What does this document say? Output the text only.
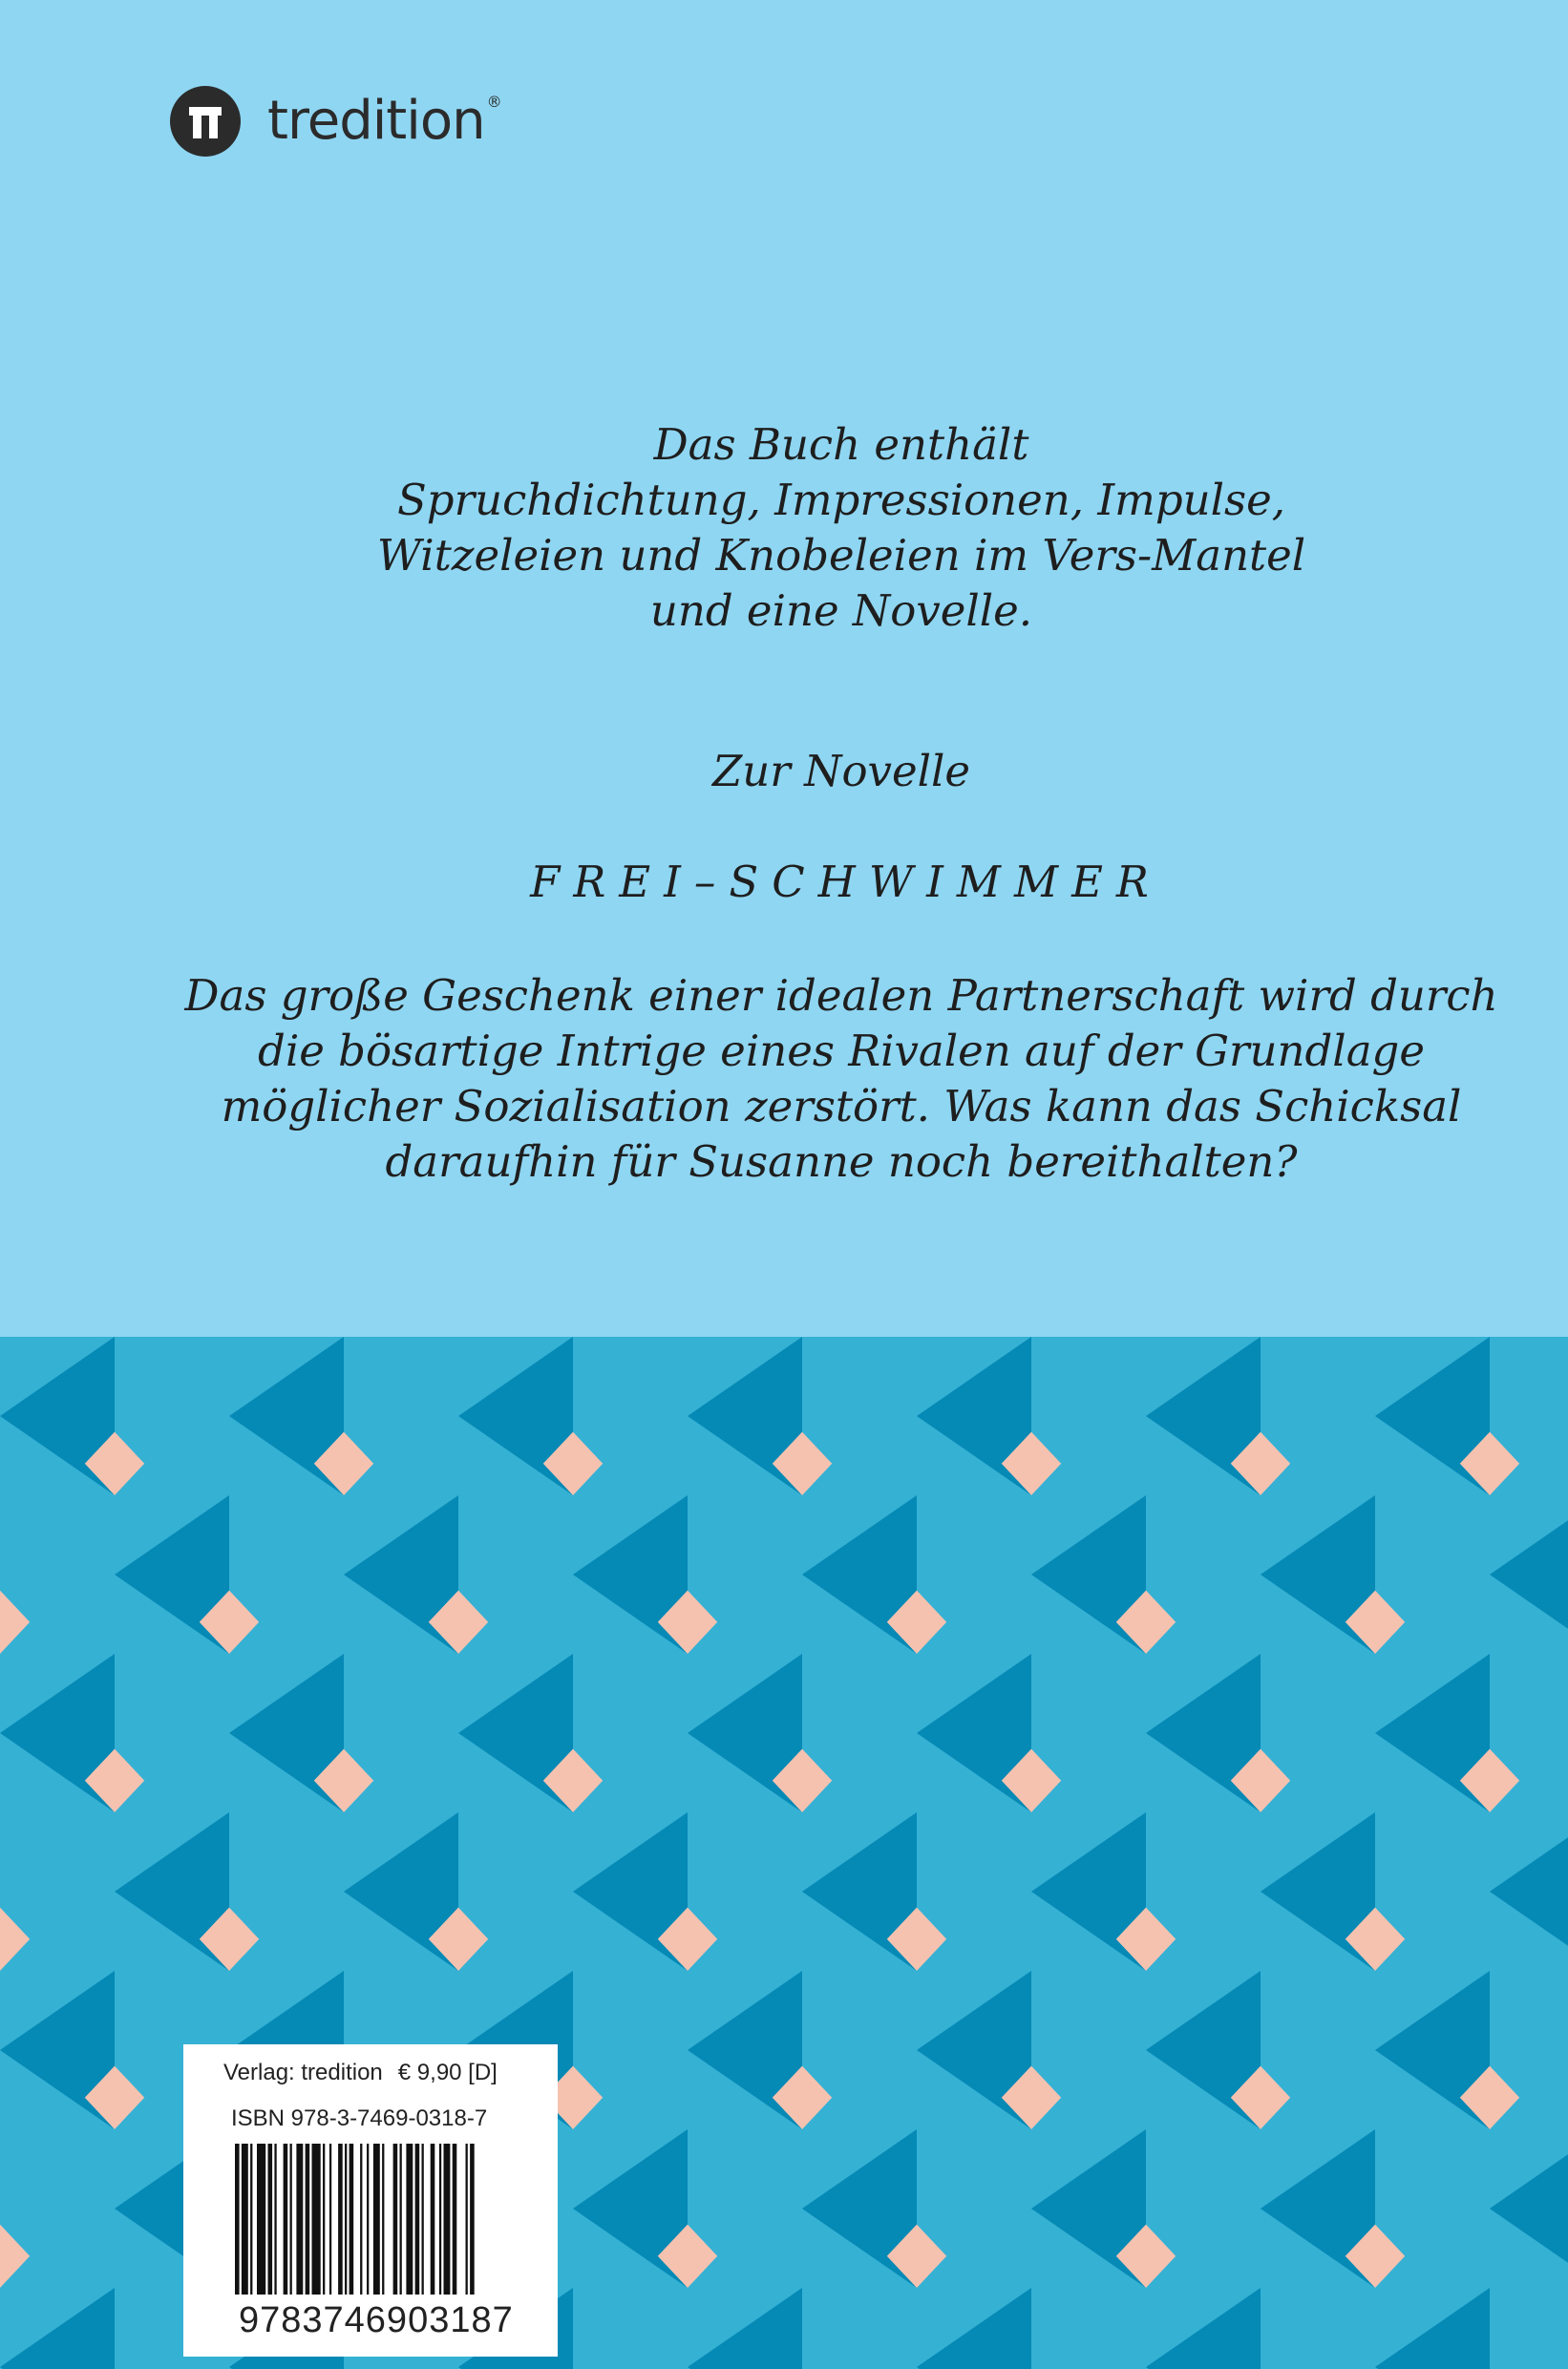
tredition ®
Das Buch enthält
Spruchdichtung, Impressionen, Impulse,
Witzeleien und Knobeleien im Vers-Mantel
und eine Novelle.
Zur Novelle
FREI–SCHWIMMER
Das große Geschenk einer idealen Partnerschaft wird durch
die bösartige Intrige eines Rivalen auf der Grundlage
möglicher Sozialisation zerstört. Was kann das Schicksal
daraufhin für Susanne noch bereithalten?
Verlag: tredition € 9,90 [D]
ISBN 978-3-7469-0318-7
9783746903187
